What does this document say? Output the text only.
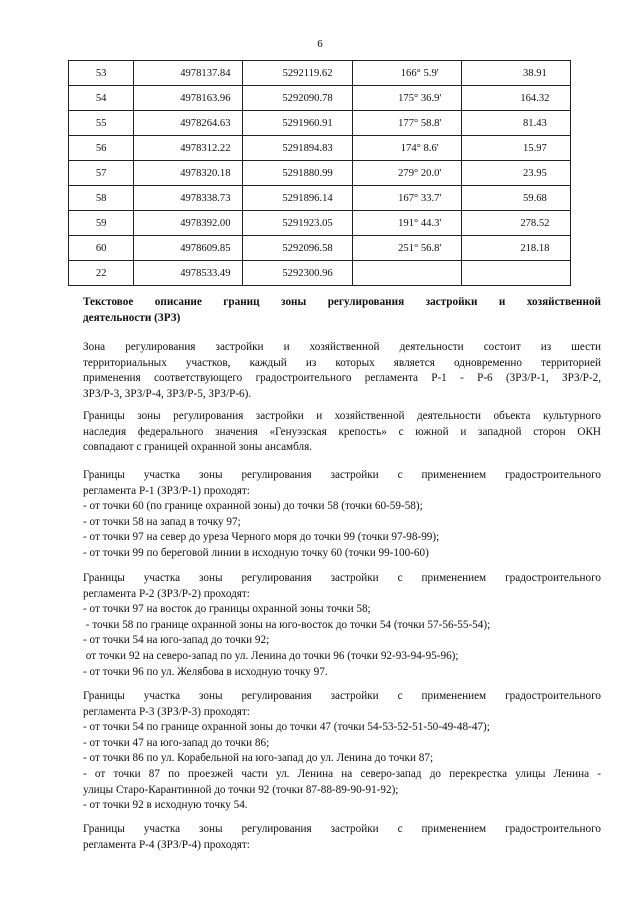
6
53	4978137.84	5292119.62	166° 5.9'	38.91
54	4978163.96	5292090.78	175° 36.9'	164.32
55	4978264.63	5291960.91	177° 58.8'	81.43
56	4978312.22	5291894.83	174° 8.6'	15.97
57	4978320.18	5291880.99	279° 20.0'	23.95
58	4978338.73	5291896.14	167° 33.7'	59.68
59	4978392.00	5291923.05	191° 44.3'	278.52
60	4978609.85	5292096.58	251° 56.8'	218.18
22	4978533.49	5292300.96		
Текстовое описание границ зоны регулирования застройки и хозяйственной
деятельности (ЗРЗ)
Зона регулирования застройки и хозяйственной деятельности состоит из шести
территориальных участков, каждый из которых является одновременно территорией
применения соответствующего градостроительного регламента Р-1 - Р-6 (ЗРЗ/Р-1, ЗРЗ/Р-2,
ЗРЗ/Р-3, ЗРЗ/Р-4, ЗРЗ/Р-5, ЗРЗ/Р-6).
Границы зоны регулирования застройки и хозяйственной деятельности объекта культурного
наследия федерального значения «Генуэзская крепость» с южной и западной сторон ОКН
совпадают с границей охранной зоны ансамбля.
Границы участка зоны регулирования застройки с применением градостроительного
регламента Р-1 (ЗРЗ/Р-1) проходят:
- от точки 60 (по границе охранной зоны) до точки 58 (точки 60-59-58);
- от точки 58 на запад в точку 97;
- от точки 97 на север до уреза Черного моря до точки 99 (точки 97-98-99);
- от точки 99 по береговой линии в исходную точку 60 (точки 99-100-60)
Границы участка зоны регулирования застройки с применением градостроительного
регламента Р-2 (ЗРЗ/Р-2) проходят:
- от точки 97 на восток до границы охранной зоны точки 58;
- точки 58 по границе охранной зоны на юго-восток до точки 54 (точки 57-56-55-54);
- от точки 54 на юго-запад до точки 92;
от точки 92 на северо-запад по ул. Ленина до точки 96 (точки 92-93-94-95-96);
- от точки 96 по ул. Желябова в исходную точку 97.
Границы участка зоны регулирования застройки с применением градостроительного
регламента Р-3 (ЗРЗ/Р-3) проходят:
- от точки 54 по границе охранной зоны до точки 47 (точки 54-53-52-51-50-49-48-47);
- от точки 47 на юго-запад до точки 86;
- от точки 86 по ул. Корабельной на юго-запад до ул. Ленина до точки 87;
- от точки 87 по проезжей части ул. Ленина на северо-запад до перекрестка улицы Ленина -
улицы Старо-Карантинной до точки 92 (точки 87-88-89-90-91-92);
- от точки 92 в исходную точку 54.
Границы участка зоны регулирования застройки с применением градостроительного
регламента Р-4 (ЗРЗ/Р-4) проходят:
